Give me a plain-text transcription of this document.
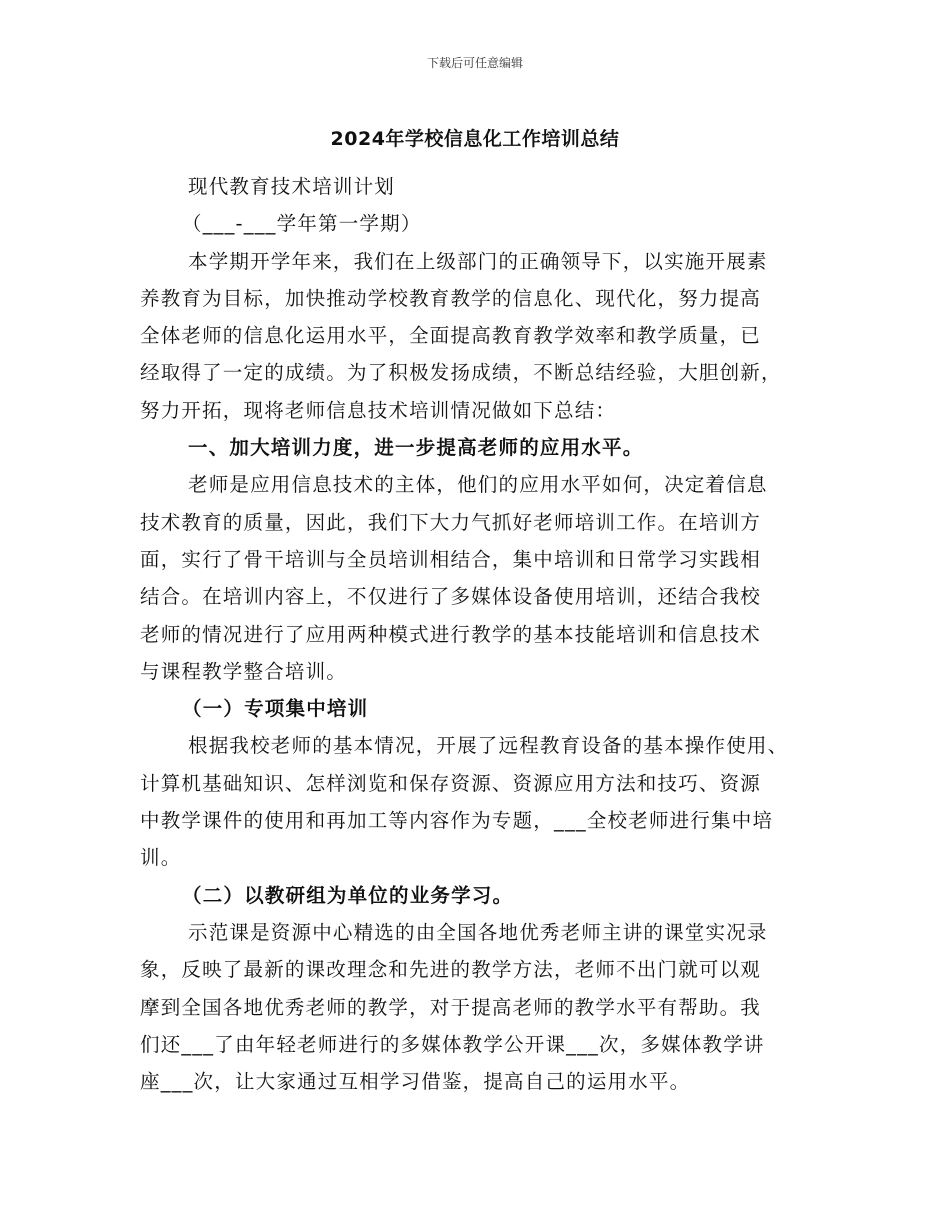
下载后可任意编辑
2024年学校信息化工作培训总结

现代教育技术培训计划

（___-___学年第一学期）

本学期开学年来，我们在上级部门的正确领导下，以实施开展素

养教育为目标，加快推动学校教育教学的信息化、现代化，努力提高

全体老师的信息化运用水平，全面提高教育教学效率和教学质量，已

经取得了一定的成绩。为了积极发扬成绩，不断总结经验，大胆创新，

努力开拓，现将老师信息技术培训情况做如下总结：

一、加大培训力度，进一步提高老师的应用水平。

老师是应用信息技术的主体，他们的应用水平如何，决定着信息

技术教育的质量，因此，我们下大力气抓好老师培训工作。在培训方

面，实行了骨干培训与全员培训相结合，集中培训和日常学习实践相

结合。在培训内容上，不仅进行了多媒体设备使用培训，还结合我校

老师的情况进行了应用两种模式进行教学的基本技能培训和信息技术

与课程教学整合培训。

（一）专项集中培训

根据我校老师的基本情况，开展了远程教育设备的基本操作使用、

计算机基础知识、怎样浏览和保存资源、资源应用方法和技巧、资源

中教学课件的使用和再加工等内容作为专题，___全校老师进行集中培

训。

（二）以教研组为单位的业务学习。

示范课是资源中心精选的由全国各地优秀老师主讲的课堂实况录

象，反映了最新的课改理念和先进的教学方法，老师不出门就可以观

摩到全国各地优秀老师的教学，对于提高老师的教学水平有帮助。我

们还___了由年轻老师进行的多媒体教学公开课___次，多媒体教学讲

座___次，让大家通过互相学习借鉴，提高自己的运用水平。
